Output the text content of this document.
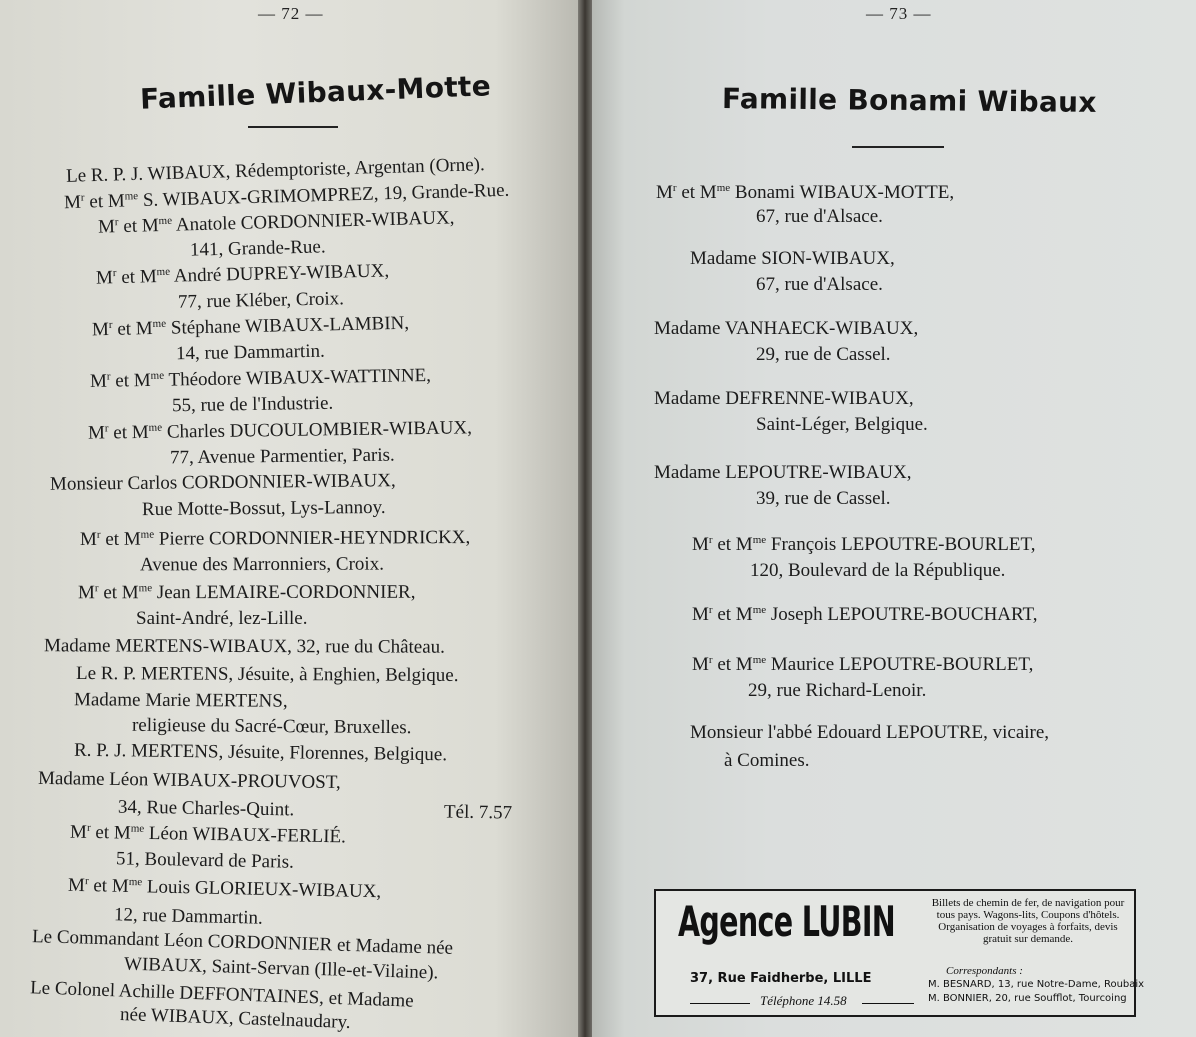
— 72 —
Famille Wibaux-Motte
Le R. P. J. WIBAUX, Rédemptoriste, Argentan (Orne).
$M^r$ et $M^{me}$ S. WIBAUX-GRIMOMPREZ, 19, Grande-Rue.
$M^r$ et $M^{me}$ Anatole CORDONNIER-WIBAUX,
141, Grande-Rue.
$M^r$ et $M^{me}$ André DUPREY-WIBAUX,
77, rue Kléber, Croix.
$M^r$ et $M^{me}$ Stéphane WIBAUX-LAMBIN,
14, rue Dammartin.
$M^r$ et $M^{me}$ Théodore WIBAUX-WATTINNE,
55, rue de l'Industrie.
$M^r$ et $M^{me}$ Charles DUCOULOMBIER-WIBAUX,
77, Avenue Parmentier, Paris.
Monsieur Carlos CORDONNIER-WIBAUX,
Rue Motte-Bossut, Lys-Lannoy.
$M^r$ et $M^{me}$ Pierre CORDONNIER-HEYNDRICKX,
Avenue des Marronniers, Croix.
$M^r$ et $M^{me}$ Jean LEMAIRE-CORDONNIER,
Saint-André, lez-Lille.
Madame MERTENS-WIBAUX, 32, rue du Château.
Le R. P. MERTENS, Jésuite, à Enghien, Belgique.
Madame Marie MERTENS,
religieuse du Sacré-Cœur, Bruxelles.
R. P. J. MERTENS, Jésuite, Florennes, Belgique.
Madame Léon WIBAUX-PROUVOST,
34, Rue Charles-Quint.	Tél. 7.57
$M^r$ et $M^{me}$ Léon WIBAUX-FERLIÉ.
51, Boulevard de Paris.
$M^r$ et $M^{me}$ Louis GLORIEUX-WIBAUX,
12, rue Dammartin.
Le Commandant Léon CORDONNIER et Madame née
WIBAUX, Saint-Servan (Ille-et-Vilaine).
Le Colonel Achille DEFFONTAINES, et Madame
née WIBAUX, Castelnaudary.
— 73 —
Famille Bonami Wibaux
$M^r$ et $M^{me}$ Bonami WIBAUX-MOTTE,
67, rue d'Alsace.
Madame SION-WIBAUX,
67, rue d'Alsace.
Madame VANHAECK-WIBAUX,
29, rue de Cassel.
Madame DEFRENNE-WIBAUX,
Saint-Léger, Belgique.
Madame LEPOUTRE-WIBAUX,
39, rue de Cassel.
$M^r$ et $M^{me}$ François LEPOUTRE-BOURLET,
120, Boulevard de la République.
$M^r$ et $M^{me}$ Joseph LEPOUTRE-BOUCHART,
$M^r$ et $M^{me}$ Maurice LEPOUTRE-BOURLET,
29, rue Richard-Lenoir.
Monsieur l'abbé Edouard LEPOUTRE, vicaire,
à Comines.
Agence LUBIN
37, Rue Faidherbe, LILLE
Téléphone 14.58
Billets de chemin de fer, de navigation pour tous pays. Wagons-lits, Coupons d'hôtels. Organisation de voyages à forfaits, devis gratuit sur demande.
Correspondants :
M. BESNARD, 13, rue Notre-Dame, Roubaix
M. BONNIER, 20, rue Soufflot, Tourcoing
